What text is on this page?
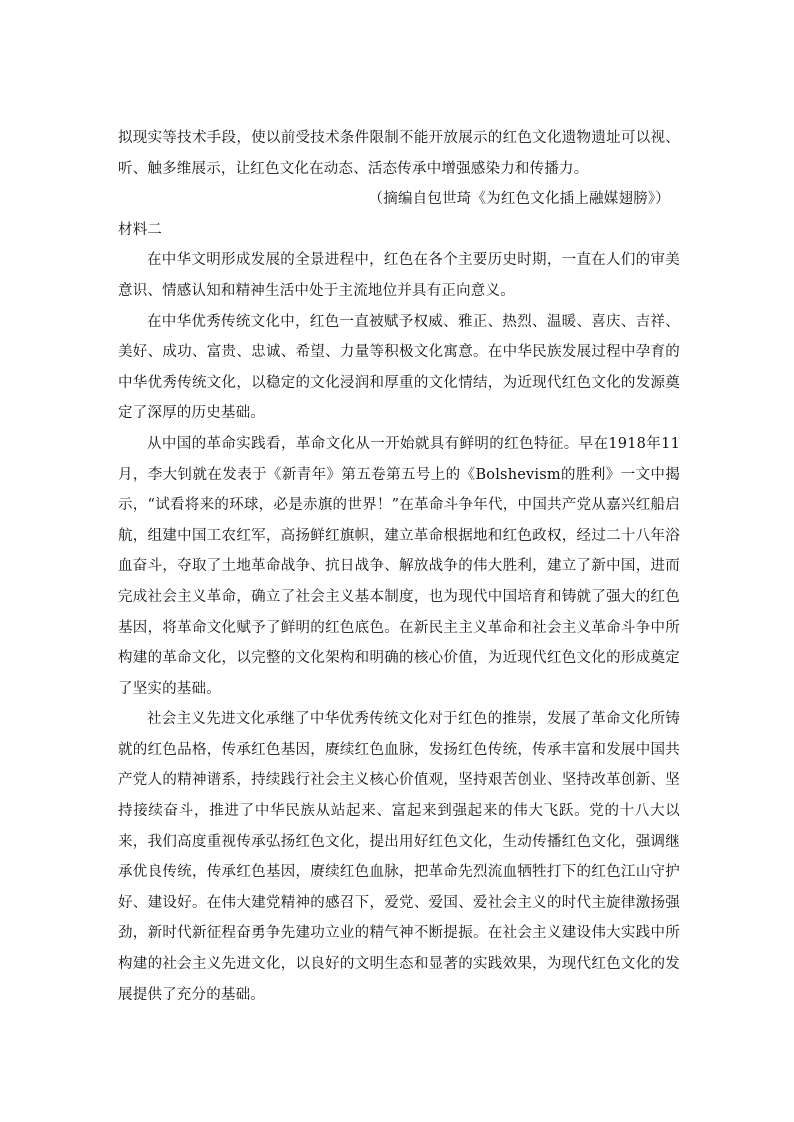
拟现实等技术手段，使以前受技术条件限制不能开放展示的红色文化遗物遗址可以视、听、触多维展示，让红色文化在动态、活态传承中增强感染力和传播力。

（摘编自包世琦《为红色文化插上融媒翅膀》）

材料二

在中华文明形成发展的全景进程中，红色在各个主要历史时期，一直在人们的审美意识、情感认知和精神生活中处于主流地位并具有正向意义。

在中华优秀传统文化中，红色一直被赋予权威、雅正、热烈、温暖、喜庆、吉祥、美好、成功、富贵、忠诚、希望、力量等积极文化寓意。在中华民族发展过程中孕育的中华优秀传统文化，以稳定的文化浸润和厚重的文化情结，为近现代红色文化的发源奠定了深厚的历史基础。

从中国的革命实践看，革命文化从一开始就具有鲜明的红色特征。早在1918年11月，李大钊就在发表于《新青年》第五卷第五号上的《Bolshevism的胜利》一文中揭示，“试看将来的环球，必是赤旗的世界！”在革命斗争年代，中国共产党从嘉兴红船启航，组建中国工农红军，高扬鲜红旗帜，建立革命根据地和红色政权，经过二十八年浴血奋斗，夺取了土地革命战争、抗日战争、解放战争的伟大胜利，建立了新中国，进而完成社会主义革命，确立了社会主义基本制度，也为现代中国培育和铸就了强大的红色基因，将革命文化赋予了鲜明的红色底色。在新民主主义革命和社会主义革命斗争中所构建的革命文化，以完整的文化架构和明确的核心价值，为近现代红色文化的形成奠定了坚实的基础。

社会主义先进文化承继了中华优秀传统文化对于红色的推崇，发展了革命文化所铸就的红色品格，传承红色基因，赓续红色血脉，发扬红色传统，传承丰富和发展中国共产党人的精神谱系，持续践行社会主义核心价值观，坚持艰苦创业、坚持改革创新、坚持接续奋斗，推进了中华民族从站起来、富起来到强起来的伟大飞跃。党的十八大以来，我们高度重视传承弘扬红色文化，提出用好红色文化，生动传播红色文化，强调继承优良传统，传承红色基因，赓续红色血脉，把革命先烈流血牺牲打下的红色江山守护好、建设好。在伟大建党精神的感召下，爱党、爱国、爱社会主义的时代主旋律激扬强劲，新时代新征程奋勇争先建功立业的精气神不断提振。在社会主义建设伟大实践中所构建的社会主义先进文化，以良好的文明生态和显著的实践效果，为现代红色文化的发展提供了充分的基础。
